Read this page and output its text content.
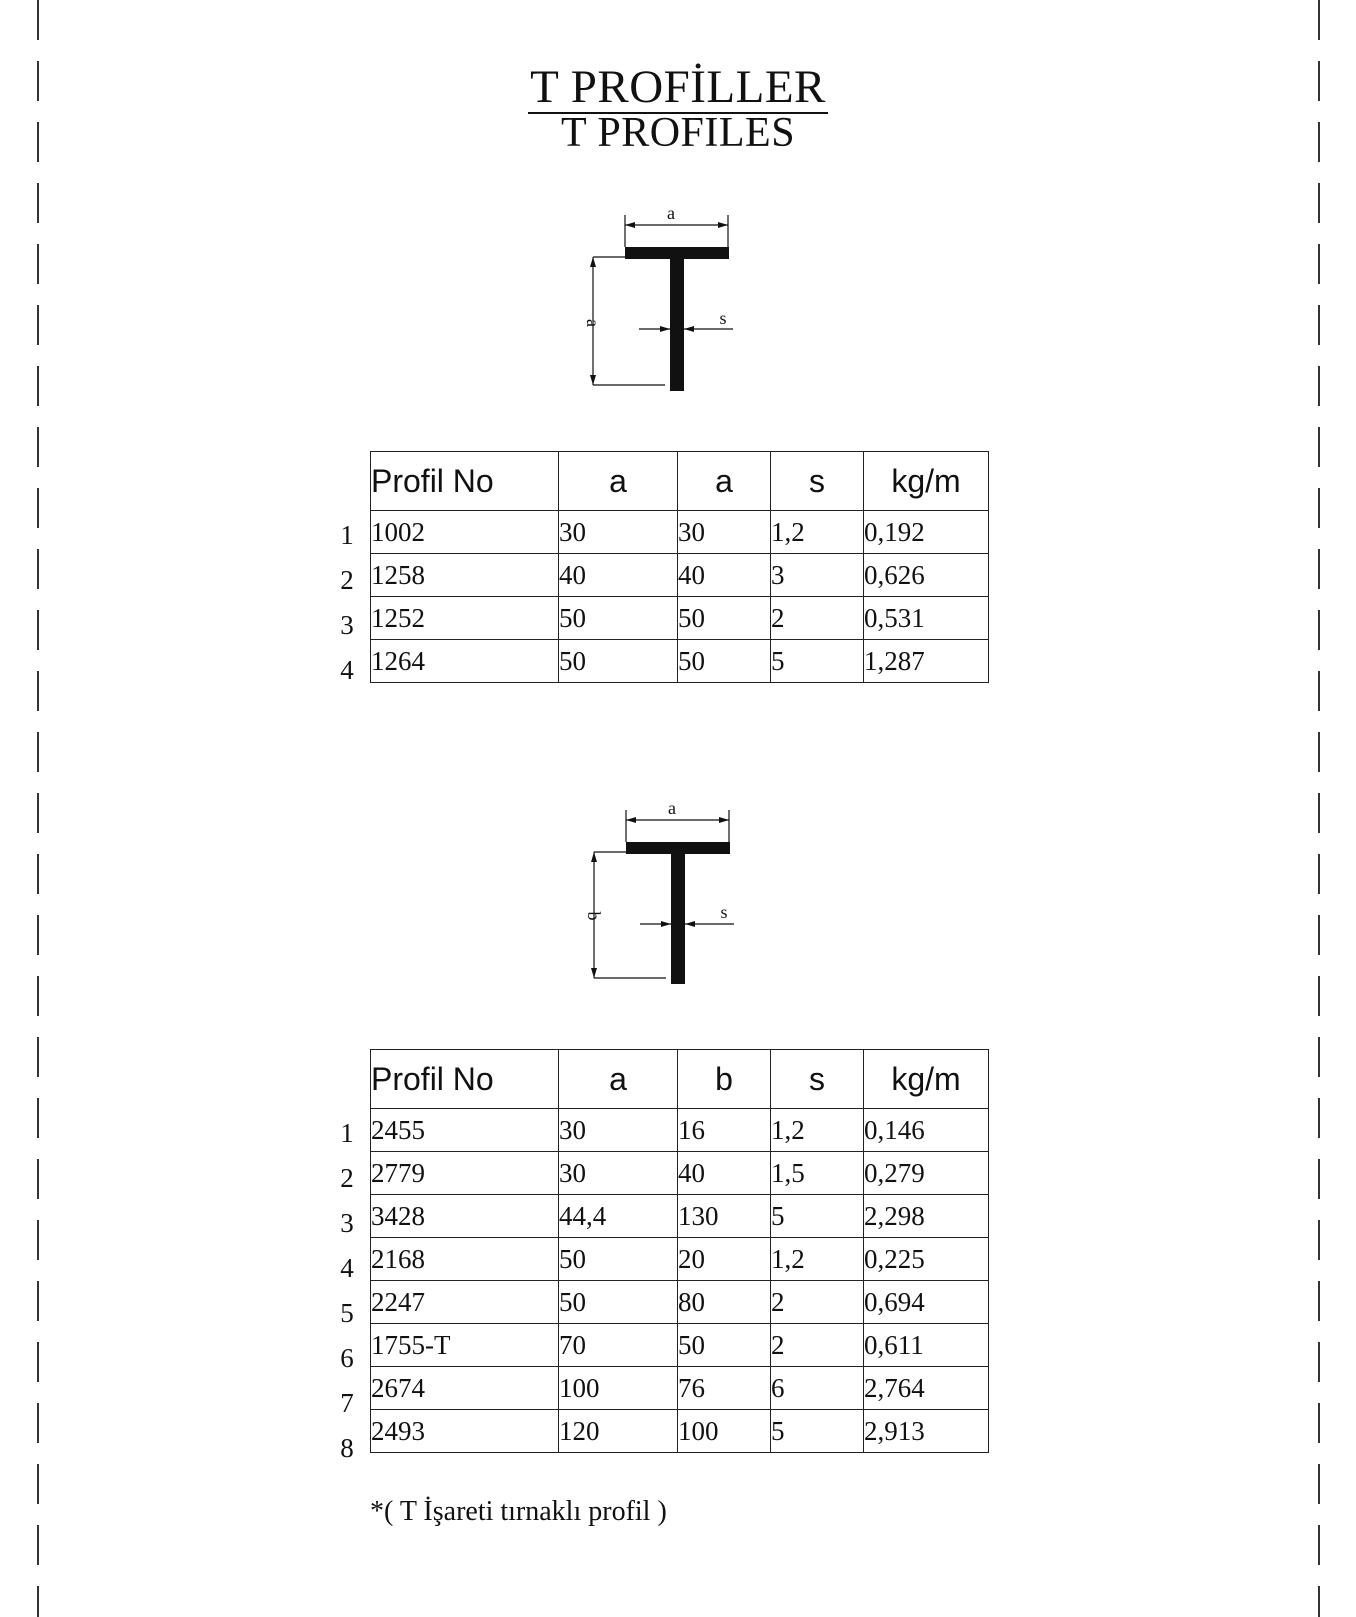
T PROFİLLER
T PROFILES
a
a	s
1
2
3
4
Profil No	a	a	s	kg/m
1002	30	30	1,2	0,192
1258	40	40	3	0,626
1252	50	50	2	0,531
1264	50	50	5	1,287
a
b	s
1
2
3
4
5
6
7
8
Profil No	a	b	s	kg/m
2455	30	16	1,2	0,146
2779	30	40	1,5	0,279
3428	44,4	130	5	2,298
2168	50	20	1,2	0,225
2247	50	80	2	0,694
1755-T	70	50	2	0,611
2674	100	76	6	2,764
2493	120	100	5	2,913
*( T İşareti tırnaklı profil )
